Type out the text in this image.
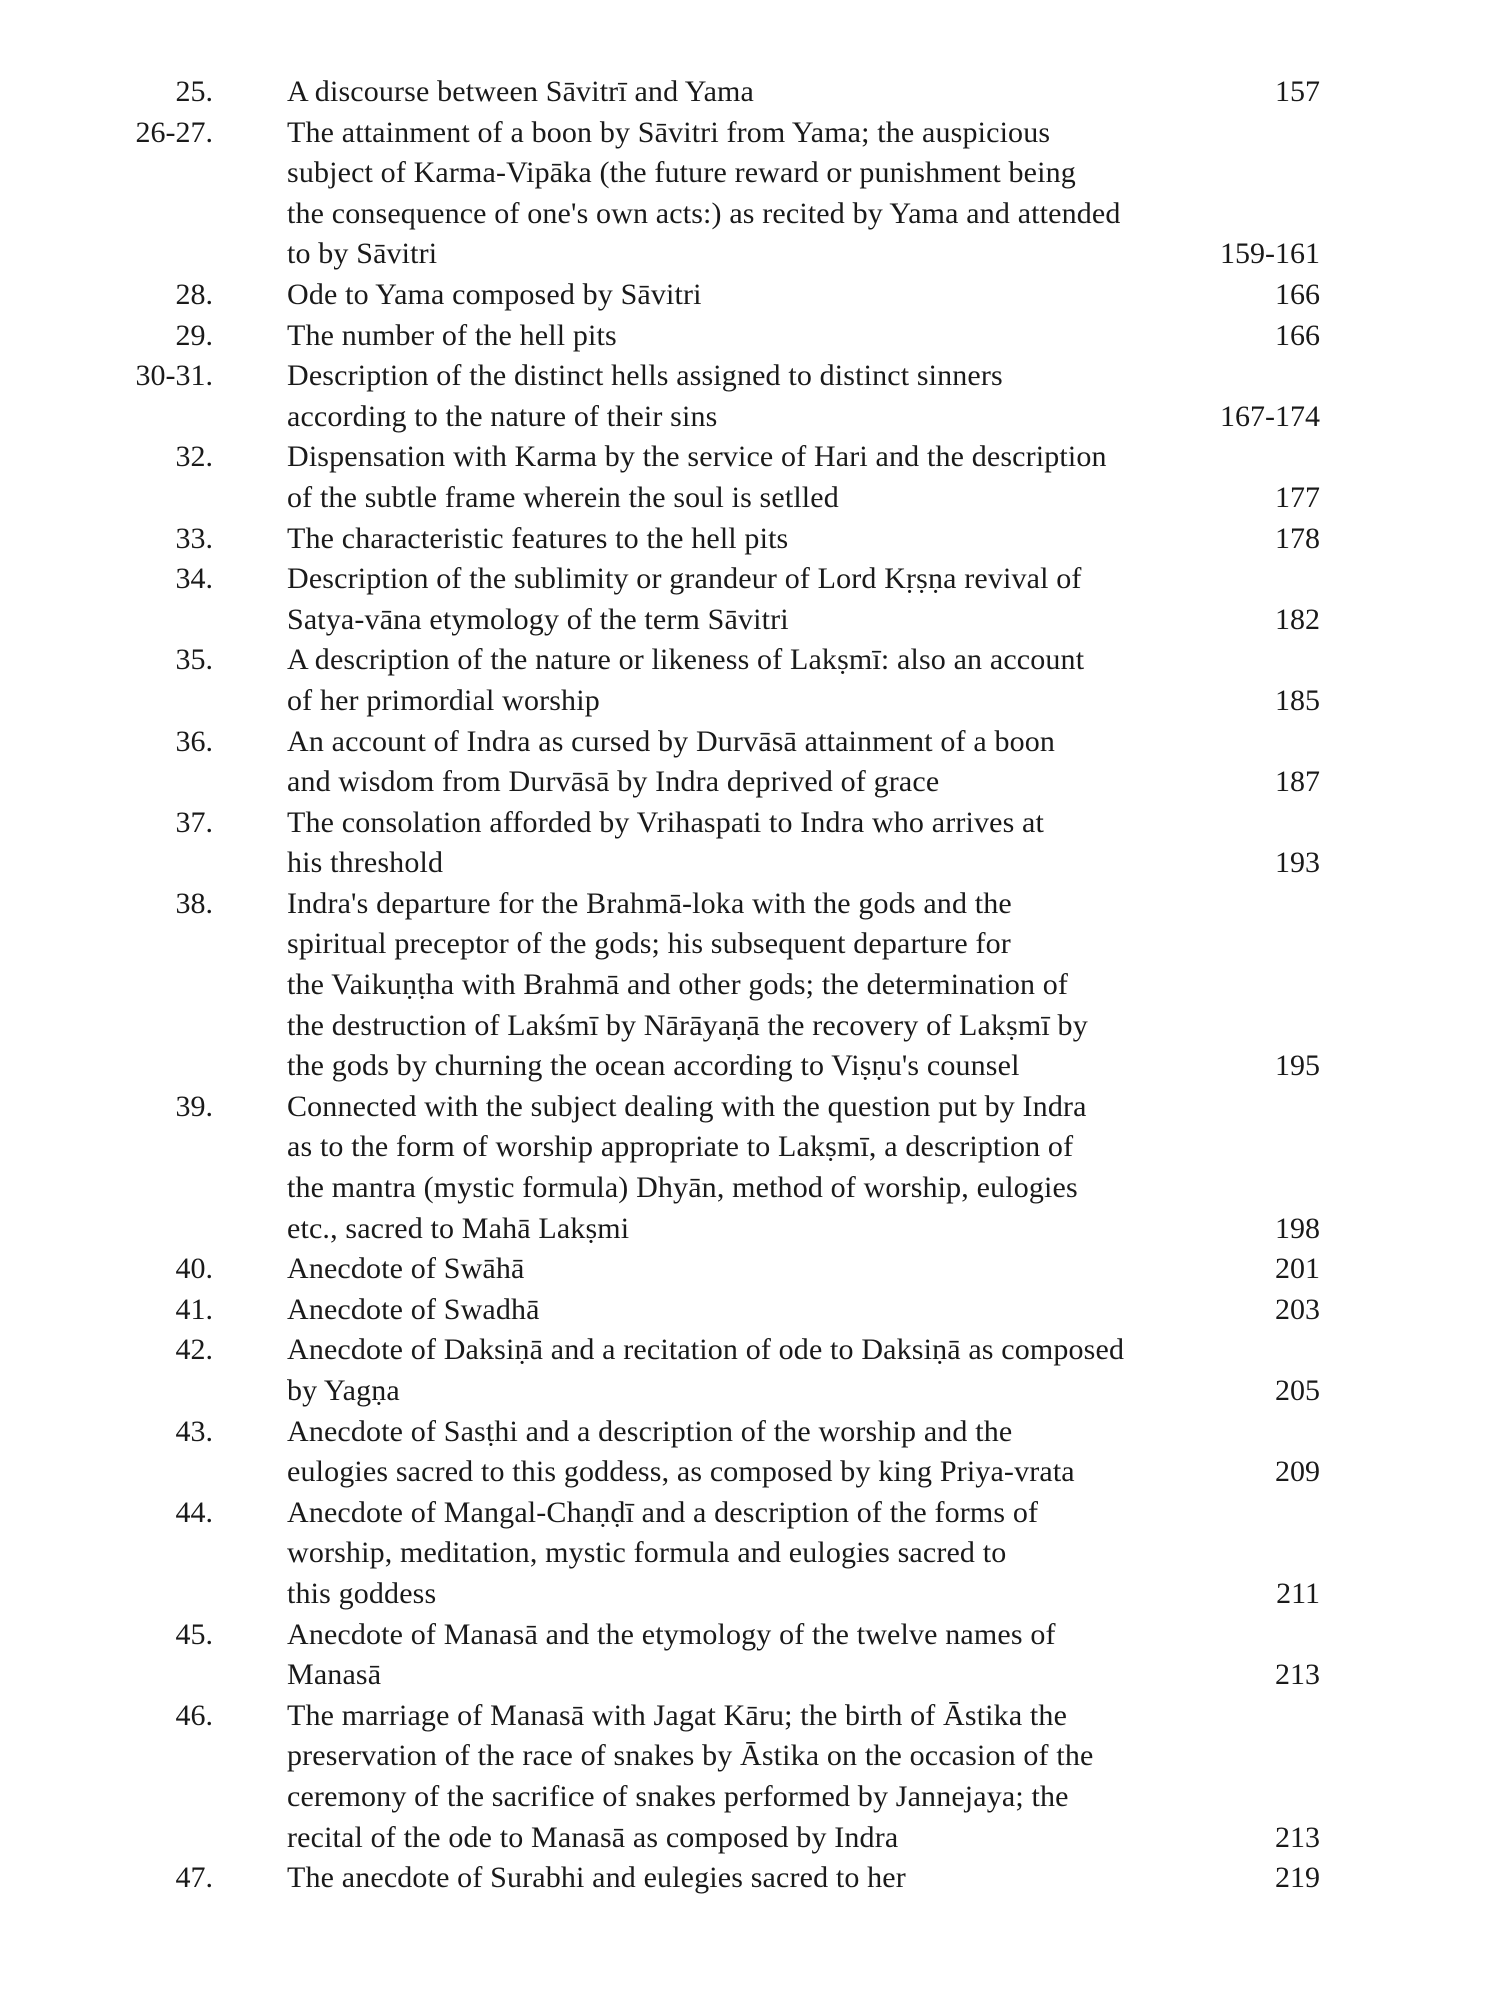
25. A discourse between Sāvitrī and Yama	157
26-27. The attainment of a boon by Sāvitri from Yama; the auspicious
subject of Karma-Vipāka (the future reward or punishment being
the consequence of one's own acts:) as recited by Yama and attended
to by Sāvitri	159-161
28. Ode to Yama composed by Sāvitri	166
29. The number of the hell pits	166
30-31. Description of the distinct hells assigned to distinct sinners
according to the nature of their sins	167-174
32. Dispensation with Karma by the service of Hari and the description
of the subtle frame wherein the soul is setlled	177
33. The characteristic features to the hell pits	178
34. Description of the sublimity or grandeur of Lord Kṛṣṇa revival of
Satya-vāna etymology of the term Sāvitri	182
35. A description of the nature or likeness of Lakṣmī: also an account
of her primordial worship	185
36. An account of Indra as cursed by Durvāsā attainment of a boon
and wisdom from Durvāsā by Indra deprived of grace	187
37. The consolation afforded by Vrihaspati to Indra who arrives at
his threshold	193
38. Indra's departure for the Brahmā-loka with the gods and the
spiritual preceptor of the gods; his subsequent departure for
the Vaikuṇṭha with Brahmā and other gods; the determination of
the destruction of Lakśmī by Nārāyaṇā the recovery of Lakṣmī by
the gods by churning the ocean according to Viṣṇu's counsel	195
39. Connected with the subject dealing with the question put by Indra
as to the form of worship appropriate to Lakṣmī, a description of
the mantra (mystic formula) Dhyān, method of worship, eulogies
etc., sacred to Mahā Lakṣmi	198
40. Anecdote of Swāhā	201
41. Anecdote of Swadhā	203
42. Anecdote of Daksiṇā and a recitation of ode to Daksiṇā as composed
by Yagṇa	205
43. Anecdote of Sasṭhi and a description of the worship and the
eulogies sacred to this goddess, as composed by king Priya-vrata	209
44. Anecdote of Mangal-Chaṇḍī and a description of the forms of
worship, meditation, mystic formula and eulogies sacred to
this goddess	211
45. Anecdote of Manasā and the etymology of the twelve names of
Manasā	213
46. The marriage of Manasā with Jagat Kāru; the birth of Āstika the
preservation of the race of snakes by Āstika on the occasion of the
ceremony of the sacrifice of snakes performed by Jannejaya; the
recital of the ode to Manasā as composed by Indra	213
47. The anecdote of Surabhi and eulegies sacred to her	219
